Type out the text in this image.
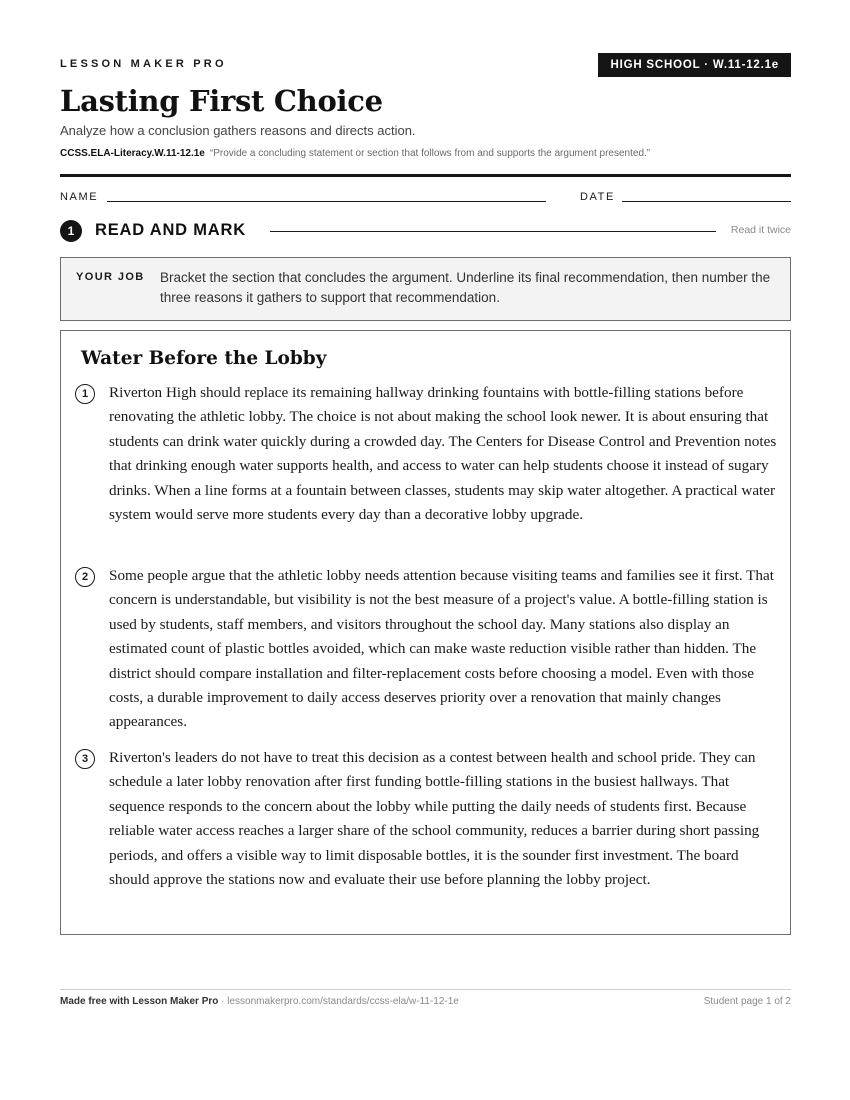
LESSON MAKER PRO	HIGH SCHOOL · W.11-12.1e
Lasting First Choice
Analyze how a conclusion gathers reasons and directs action.
CCSS.ELA-Literacy.W.11-12.1e “Provide a concluding statement or section that follows from and supports the argument presented.”
NAME	DATE
1	READ AND MARK	Read it twice
YOUR JOB Bracket the section that concludes the argument. Underline its final recommendation, then number the three reasons it gathers to support that recommendation.
Water Before the Lobby
1	Riverton High should replace its remaining hallway drinking fountains with bottle-filling stations before renovating the athletic lobby. The choice is not about making the school look newer. It is about ensuring that students can drink water quickly during a crowded day. The Centers for Disease Control and Prevention notes that drinking enough water supports health, and access to water can help students choose it instead of sugary drinks. When a line forms at a fountain between classes, students may skip water altogether. A practical water system would serve more students every day than a decorative lobby upgrade.

2	Some people argue that the athletic lobby needs attention because visiting teams and families see it first. That concern is understandable, but visibility is not the best measure of a project's value. A bottle-filling station is used by students, staff members, and visitors throughout the school day. Many stations also display an estimated count of plastic bottles avoided, which can make waste reduction visible rather than hidden. The district should compare installation and filter-replacement costs before choosing a model. Even with those costs, a durable improvement to daily access deserves priority over a renovation that mainly changes appearances.

3	Riverton's leaders do not have to treat this decision as a contest between health and school pride. They can schedule a later lobby renovation after first funding bottle-filling stations in the busiest hallways. That sequence responds to the concern about the lobby while putting the daily needs of students first. Because reliable water access reaches a larger share of the school community, reduces a barrier during short passing periods, and offers a visible way to limit disposable bottles, it is the sounder first investment. The board should approve the stations now and evaluate their use before planning the lobby project.

Made free with Lesson Maker Pro · lessonmakerpro.com/standards/ccss-ela/w-11-12-1e	Student page 1 of 2
